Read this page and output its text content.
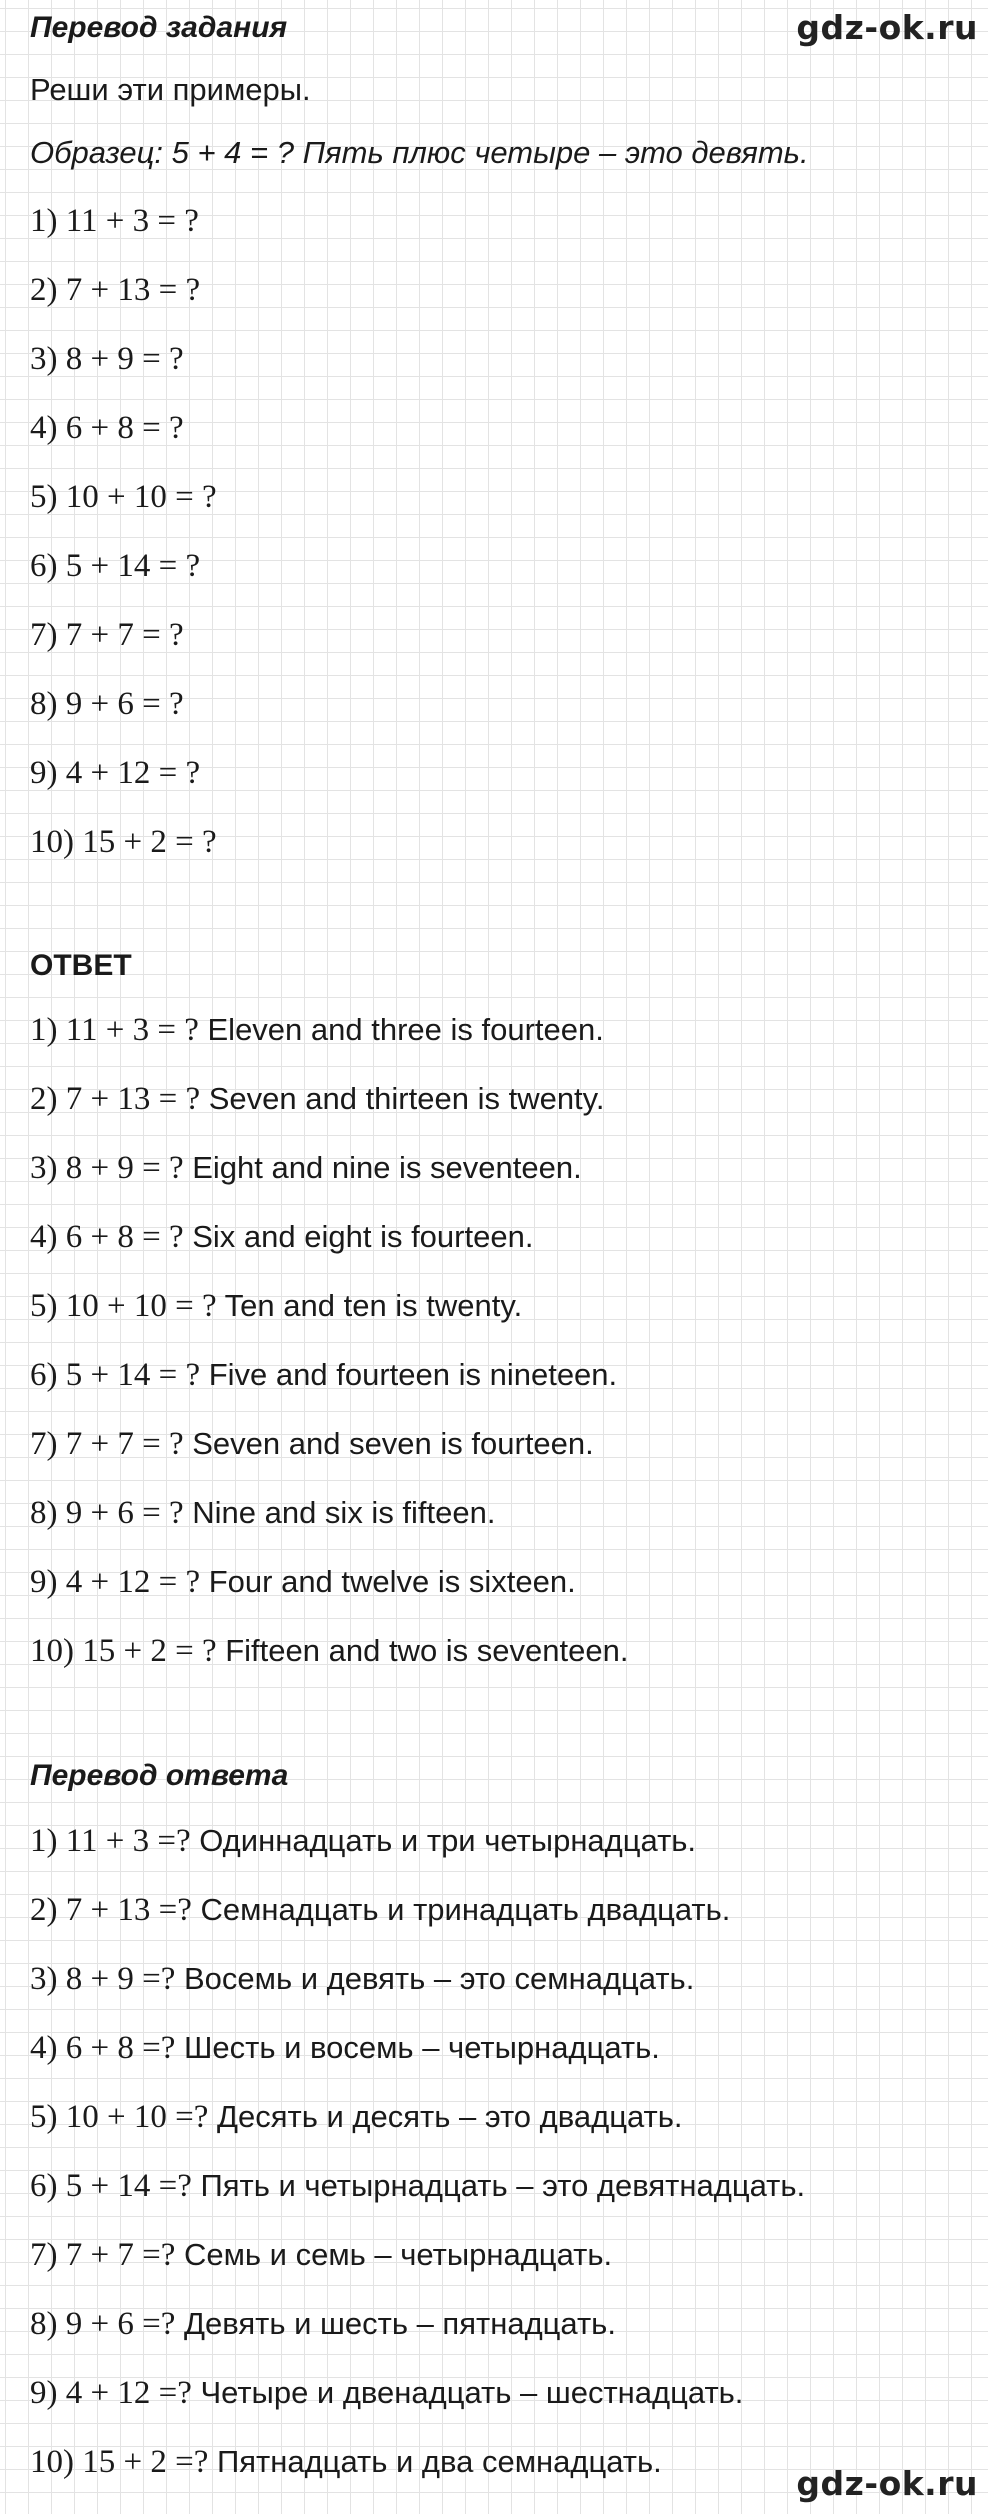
gdz-ok.ru
Перевод задания
Реши эти примеры.
Образец: 5 + 4 = ? Пять плюс четыре – это девять.
1) 11 + 3 = ?
2) 7 + 13 = ?
3) 8 + 9 = ?
4) 6 + 8 = ?
5) 10 + 10 = ?
6) 5 + 14 = ?
7) 7 + 7 = ?
8) 9 + 6 = ?
9) 4 + 12 = ?
10) 15 + 2 = ?
ОТВЕТ
1) 11 + 3 = ? Eleven and three is fourteen.
2) 7 + 13 = ? Seven and thirteen is twenty.
3) 8 + 9 = ? Eight and nine is seventeen.
4) 6 + 8 = ? Six and eight is fourteen.
5) 10 + 10 = ? Ten and ten is twenty.
6) 5 + 14 = ? Five and fourteen is nineteen.
7) 7 + 7 = ? Seven and seven is fourteen.
8) 9 + 6 = ? Nine and six is fifteen.
9) 4 + 12 = ? Four and twelve is sixteen.
10) 15 + 2 = ? Fifteen and two is seventeen.
Перевод ответа
1) 11 + 3 =? Одиннадцать и три четырнадцать.
2) 7 + 13 =? Семнадцать и тринадцать двадцать.
3) 8 + 9 =? Восемь и девять – это семнадцать.
4) 6 + 8 =? Шесть и восемь – четырнадцать.
5) 10 + 10 =? Десять и десять – это двадцать.
6) 5 + 14 =? Пять и четырнадцать – это девятнадцать.
7) 7 + 7 =? Семь и семь – четырнадцать.
8) 9 + 6 =? Девять и шесть – пятнадцать.
9) 4 + 12 =? Четыре и двенадцать – шестнадцать.
10) 15 + 2 =? Пятнадцать и два семнадцать.
gdz-ok.ru
